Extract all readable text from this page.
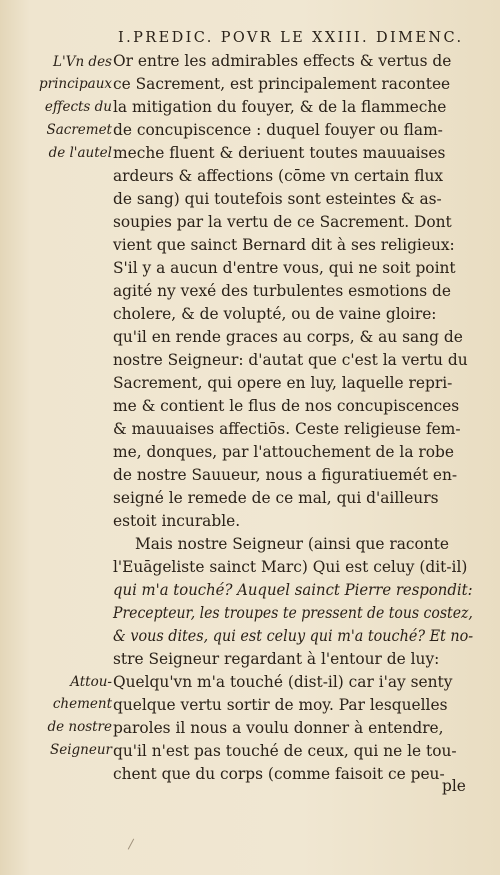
I.PREDIC. POVR LE XXIII. DIMENC.
L'Vn des
principaux
effects du
Sacremet
de l'autel
Attou-
chement
de nostre
Seigneur
Or entre les admirables effects & vertus de
ce Sacrement, est principalement racontee
la mitigation du fouyer, & de la flammeche
de concupiscence : duquel fouyer ou flam-
meche fluent & deriuent toutes mauuaises
ardeurs & affections (cōme vn certain flux
de sang) qui toutefois sont esteintes & as-
soupies par la vertu de ce Sacrement. Dont
vient que sainct Bernard dit à ses religieux:
S'il y a aucun d'entre vous, qui ne soit point
agité ny vexé des turbulentes esmotions de
cholere, & de volupté, ou de vaine gloire:
qu'il en rende graces au corps, & au sang de
nostre Seigneur: d'autat que c'est la vertu du
Sacrement, qui opere en luy, laquelle repri-
me & contient le flus de nos concupiscences
& mauuaises affectiōs. Ceste religieuse fem-
me, donques, par l'attouchement de la robe
de nostre Sauueur, nous a figuratiuemét en-
seigné le remede de ce mal, qui d'ailleurs
estoit incurable.
Mais nostre Seigneur (ainsi que raconte
l'Euāgeliste sainct Marc) Qui est celuy (dit-il)
qui m'a touché? Auquel sainct Pierre respondit:
Precepteur, les troupes te pressent de tous costez,
& vous dites, qui est celuy qui m'a touché? Et no-
stre Seigneur regardant à l'entour de luy:
Quelqu'vn m'a touché (dist-il) car i'ay senty
quelque vertu sortir de moy. Par lesquelles
paroles il nous a voulu donner à entendre,
qu'il n'est pas touché de ceux, qui ne le tou-
chent que du corps (comme faisoit ce peu-
ple
